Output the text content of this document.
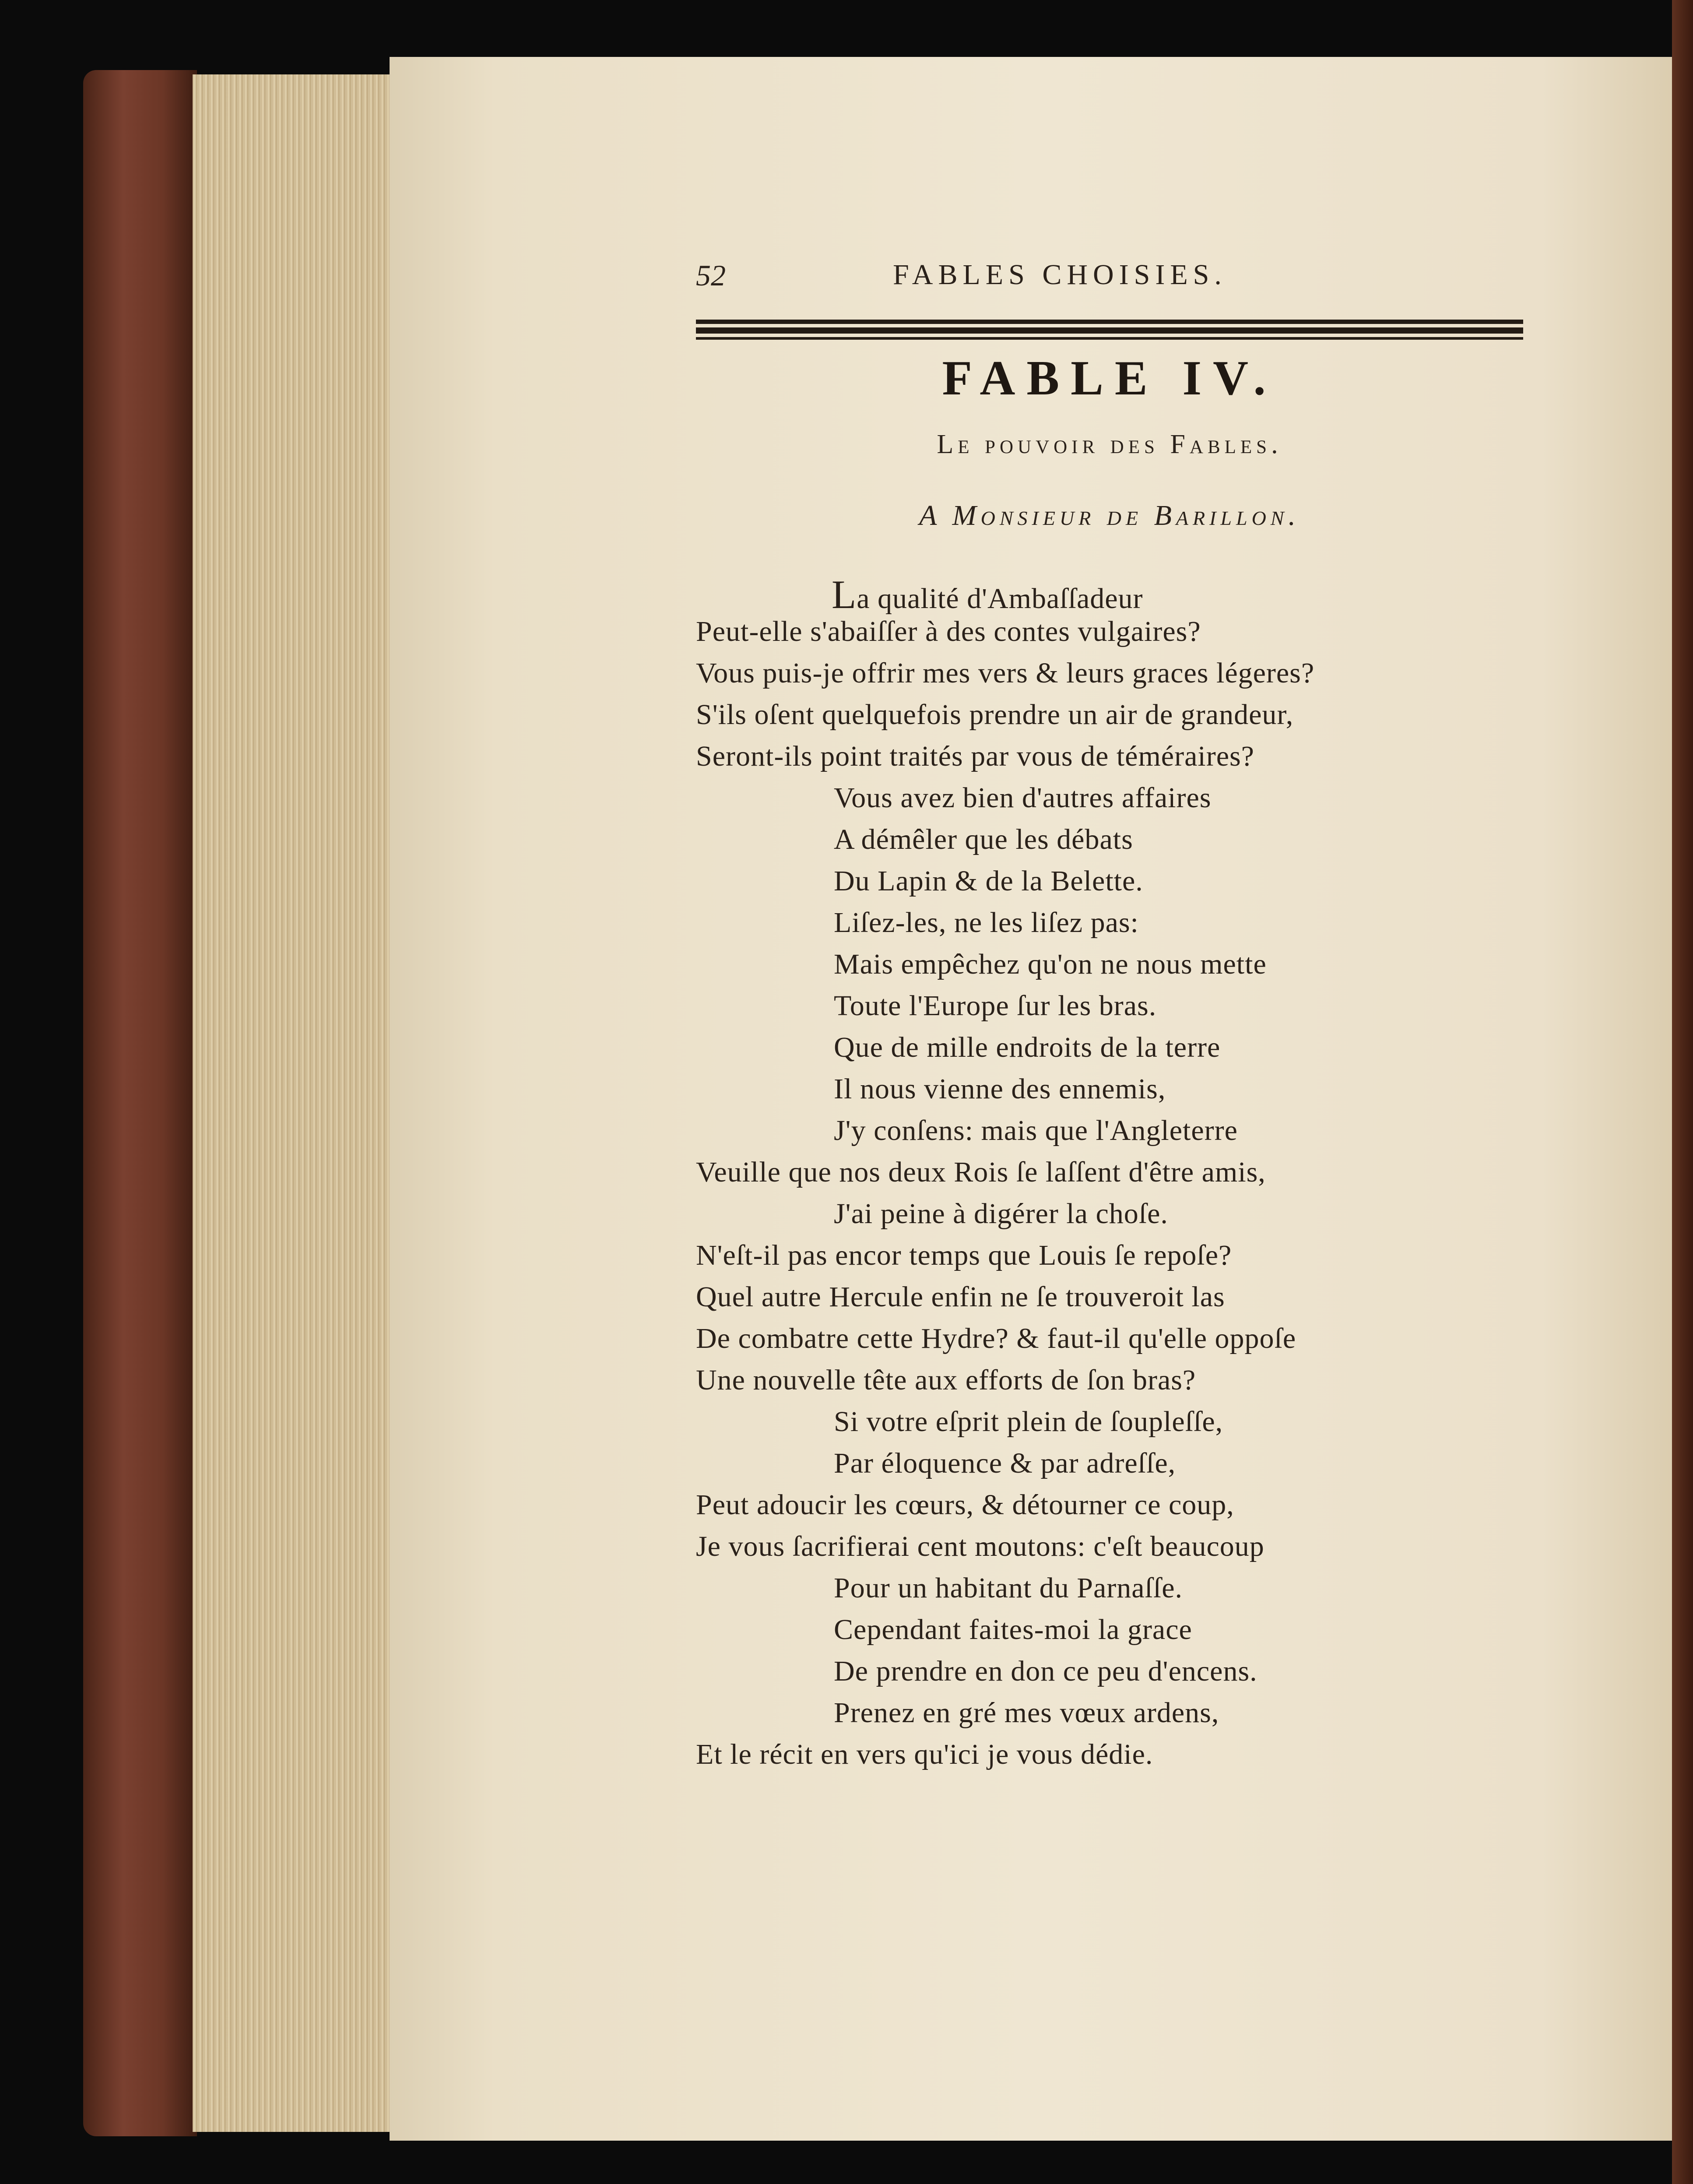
52	FABLES CHOISIES.
FABLE IV.
Le pouvoir des Fables.
A Monsieur de Barillon.
La qualité d'Ambaſſadeur
Peut-elle s'abaiſſer à des contes vulgaires?
Vous puis-je offrir mes vers & leurs graces légeres?
S'ils oſent quelquefois prendre un air de grandeur,
Seront-ils point traités par vous de téméraires?
Vous avez bien d'autres affaires
A démêler que les débats
Du Lapin & de la Belette.
Liſez-les, ne les liſez pas:
Mais empêchez qu'on ne nous mette
Toute l'Europe ſur les bras.
Que de mille endroits de la terre
Il nous vienne des ennemis,
J'y conſens: mais que l'Angleterre
Veuille que nos deux Rois ſe laſſent d'être amis,
J'ai peine à digérer la choſe.
N'eſt-il pas encor temps que Louis ſe repoſe?
Quel autre Hercule enfin ne ſe trouveroit las
De combatre cette Hydre? & faut-il qu'elle oppoſe
Une nouvelle tête aux efforts de ſon bras?
Si votre eſprit plein de ſoupleſſe,
Par éloquence & par adreſſe,
Peut adoucir les cœurs, & détourner ce coup,
Je vous ſacrifierai cent moutons: c'eſt beaucoup
Pour un habitant du Parnaſſe.
Cependant faites-moi la grace
De prendre en don ce peu d'encens.
Prenez en gré mes vœux ardens,
Et le récit en vers qu'ici je vous dédie.
